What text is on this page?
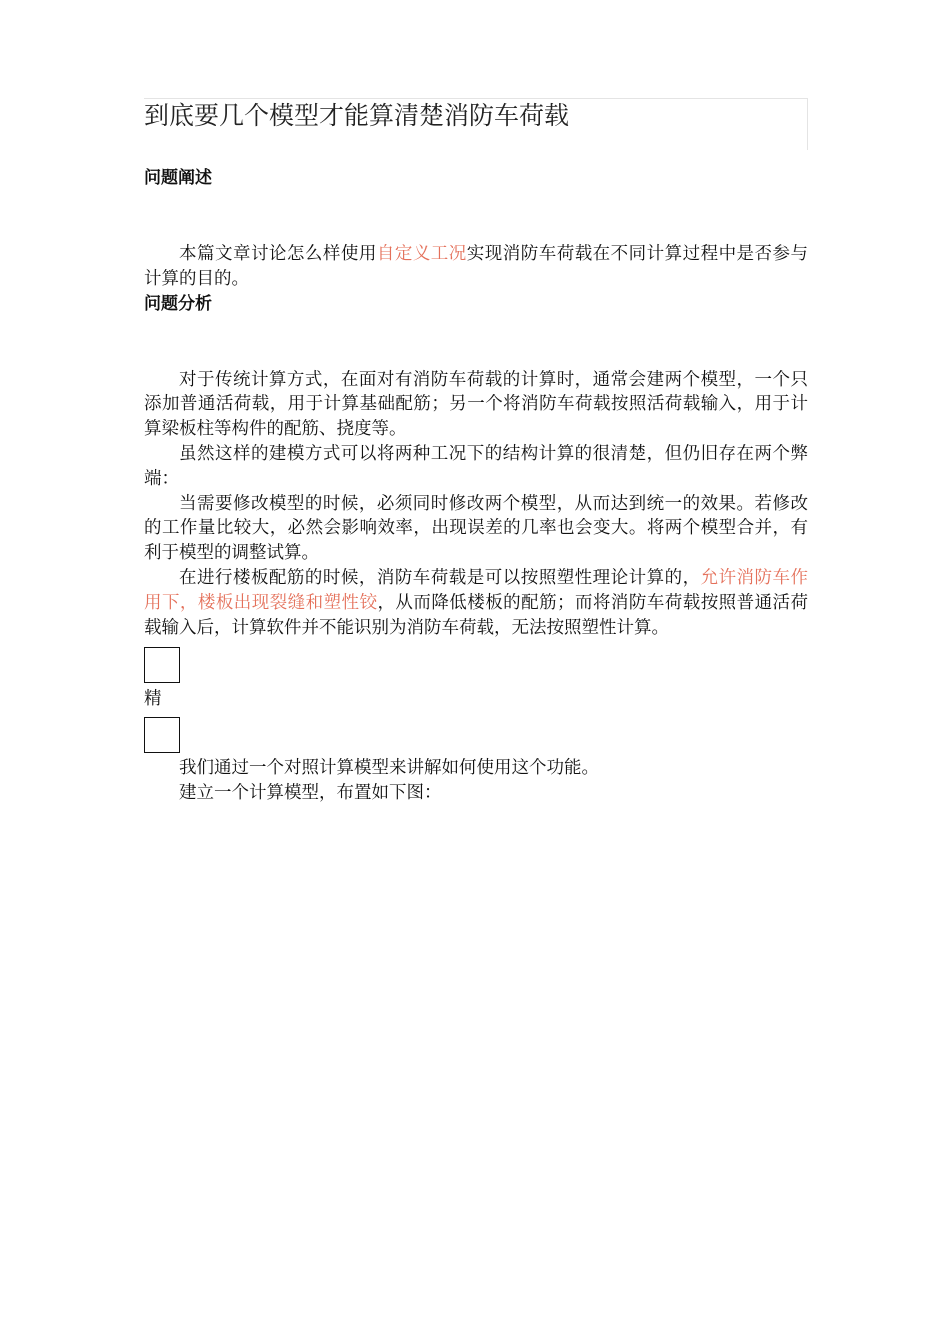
到底要几个模型才能算清楚消防车荷载
问题阐述

本篇文章讨论怎么样使用自定义工况实现消防车荷载在不同计算过程中是否参与计算的目的。

问题分析

对于传统计算方式，在面对有消防车荷载的计算时，通常会建两个模型，一个只添加普通活荷载，用于计算基础配筋；另一个将消防车荷载按照活荷载输入，用于计算梁板柱等构件的配筋、挠度等。

虽然这样的建模方式可以将两种工况下的结构计算的很清楚，但仍旧存在两个弊端：

当需要修改模型的时候，必须同时修改两个模型，从而达到统一的效果。若修改的工作量比较大，必然会影响效率，出现误差的几率也会变大。将两个模型合并，有利于模型的调整试算。

在进行楼板配筋的时候，消防车荷载是可以按照塑性理论计算的，允许消防车作用下，楼板出现裂缝和塑性铰，从而降低楼板的配筋；而将消防车荷载按照普通活荷载输入后，计算软件并不能识别为消防车荷载，无法按照塑性计算。

精

我们通过一个对照计算模型来讲解如何使用这个功能。

建立一个计算模型，布置如下图：
